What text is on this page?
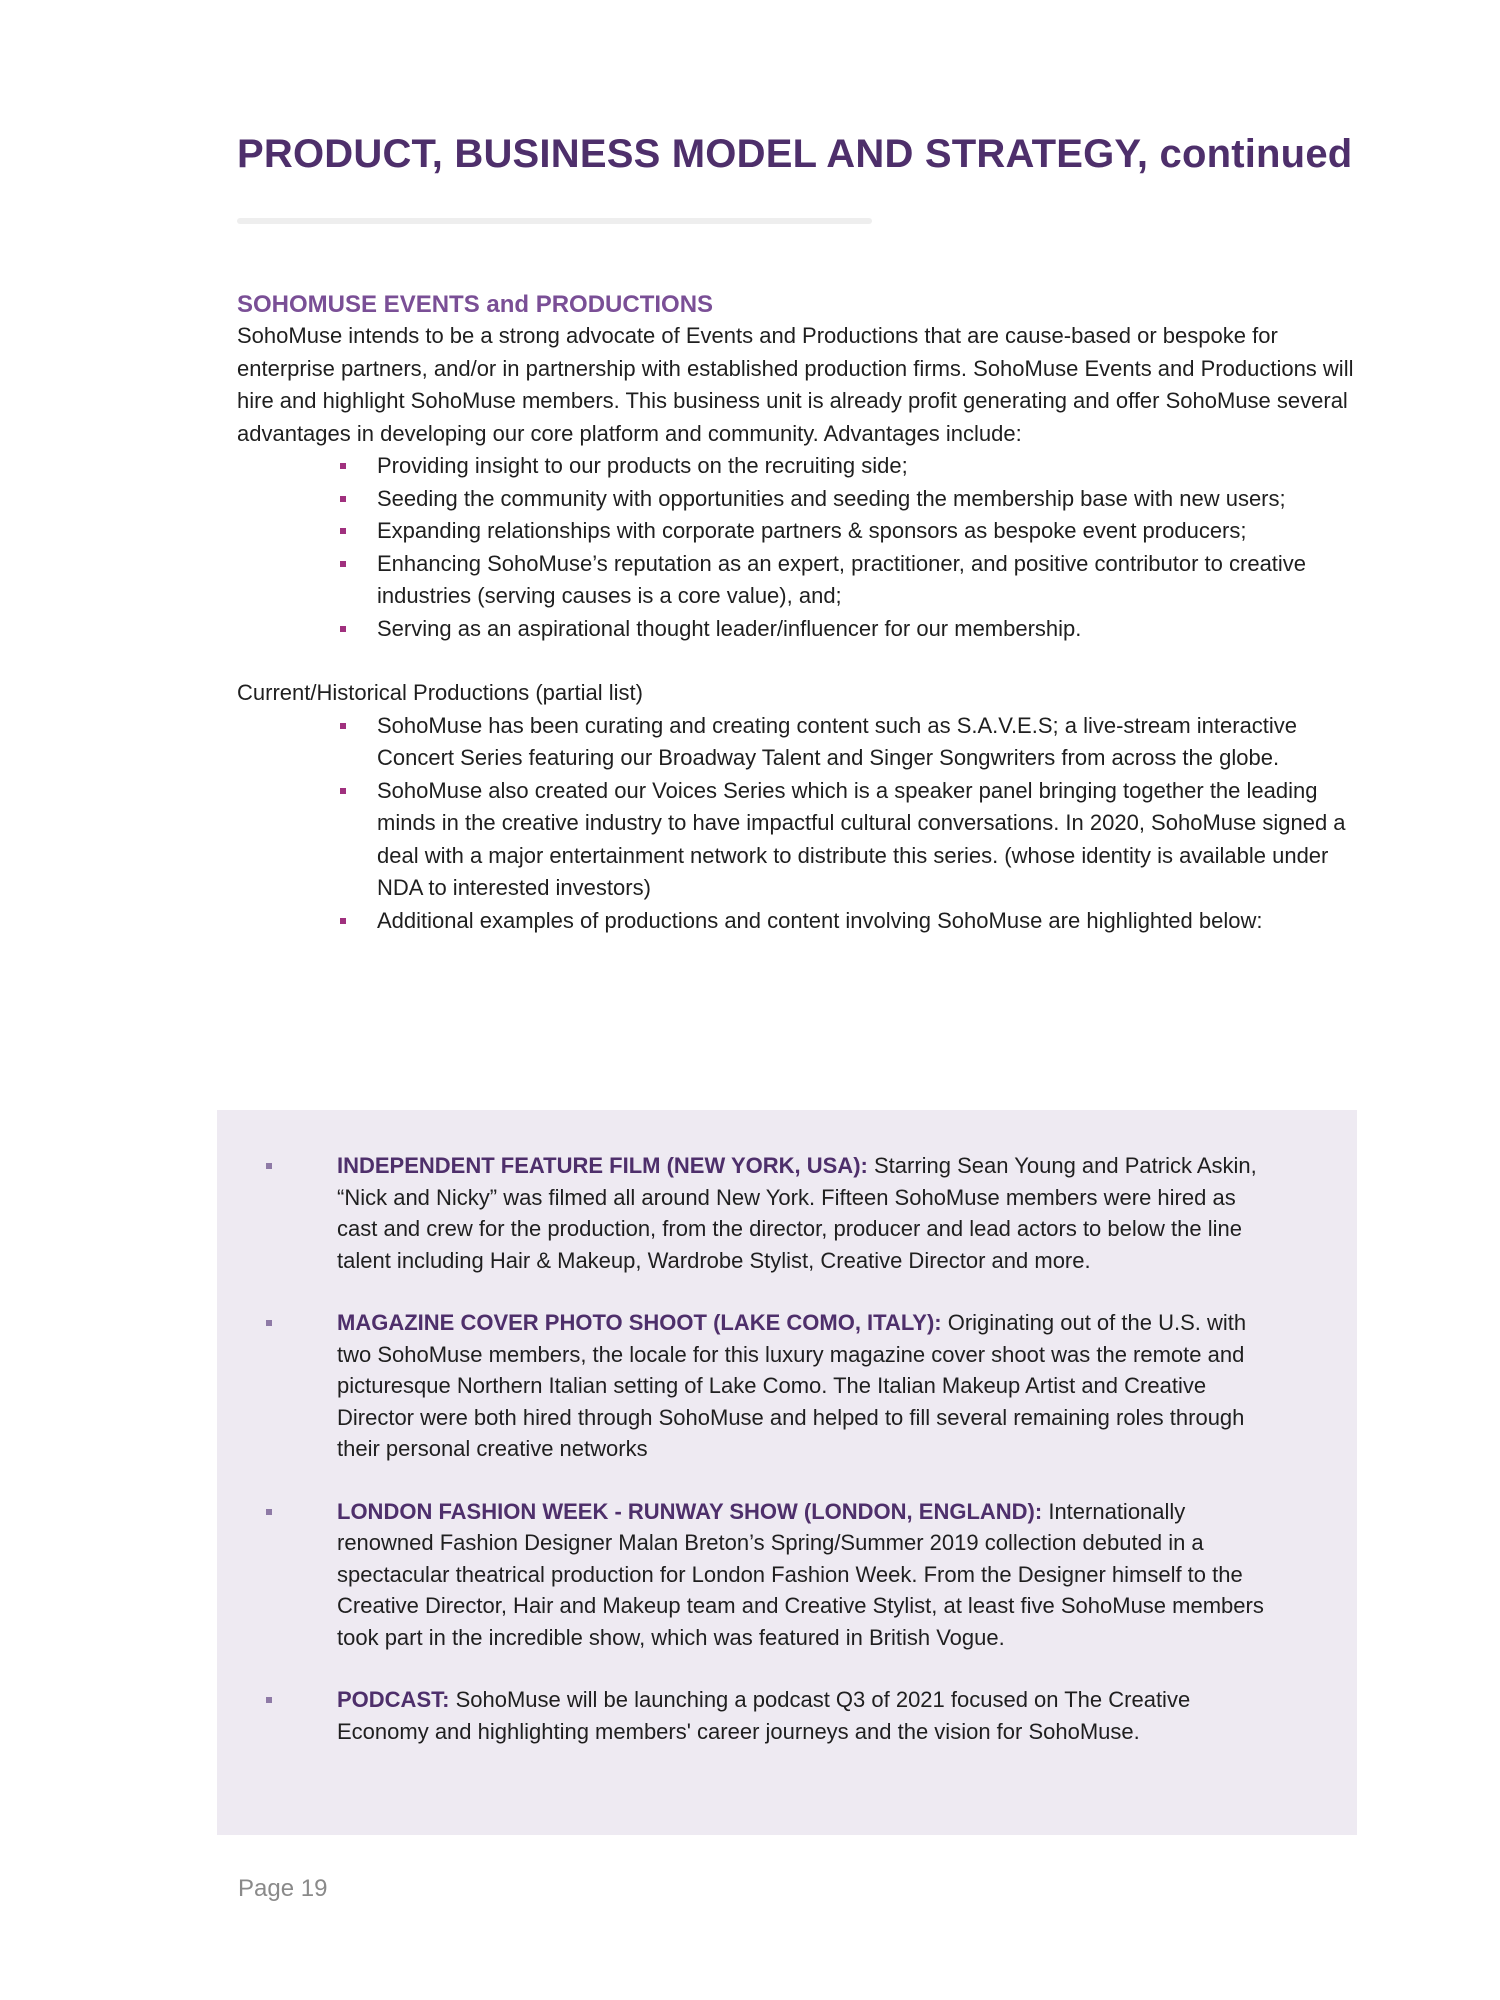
PRODUCT, BUSINESS MODEL AND STRATEGY, continued
SOHOMUSE EVENTS and PRODUCTIONS

SohoMuse intends to be a strong advocate of Events and Productions that are cause-based or bespoke for enterprise partners, and/or in partnership with established production firms. SohoMuse Events and Productions will hire and highlight SohoMuse members. This business unit is already profit generating and offer SohoMuse several advantages in developing our core platform and community. Advantages include:

Providing insight to our products on the recruiting side;
Seeding the community with opportunities and seeding the membership base with new users;
Expanding relationships with corporate partners & sponsors as bespoke event producers;
Enhancing SohoMuse’s reputation as an expert, practitioner, and positive contributor to creative industries (serving causes is a core value), and;
Serving as an aspirational thought leader/influencer for our membership.

Current/Historical Productions (partial list)

SohoMuse has been curating and creating content such as S.A.V.E.S; a live-stream interactive Concert Series featuring our Broadway Talent and Singer Songwriters from across the globe.
SohoMuse also created our Voices Series which is a speaker panel bringing together the leading minds in the creative industry to have impactful cultural conversations. In 2020, SohoMuse signed a deal with a major entertainment network to distribute this series. (whose identity is available under NDA to interested investors)
Additional examples of productions and content involving SohoMuse are highlighted below:
INDEPENDENT FEATURE FILM (NEW YORK, USA): Starring Sean Young and Patrick Askin, “Nick and Nicky” was filmed all around New York. Fifteen SohoMuse members were hired as cast and crew for the production, from the director, producer and lead actors to below the line talent including Hair & Makeup, Wardrobe Stylist, Creative Director and more.
MAGAZINE COVER PHOTO SHOOT (LAKE COMO, ITALY): Originating out of the U.S. with two SohoMuse members, the locale for this luxury magazine cover shoot was the remote and picturesque Northern Italian setting of Lake Como. The Italian Makeup Artist and Creative Director were both hired through SohoMuse and helped to fill several remaining roles through their personal creative networks
LONDON FASHION WEEK - RUNWAY SHOW (LONDON, ENGLAND): Internationally renowned Fashion Designer Malan Breton’s Spring/Summer 2019 collection debuted in a spectacular theatrical production for London Fashion Week. From the Designer himself to the Creative Director, Hair and Makeup team and Creative Stylist, at least five SohoMuse members took part in the incredible show, which was featured in British Vogue.
PODCAST: SohoMuse will be launching a podcast Q3 of 2021 focused on The Creative Economy and highlighting members' career journeys and the vision for SohoMuse.
Page 19
